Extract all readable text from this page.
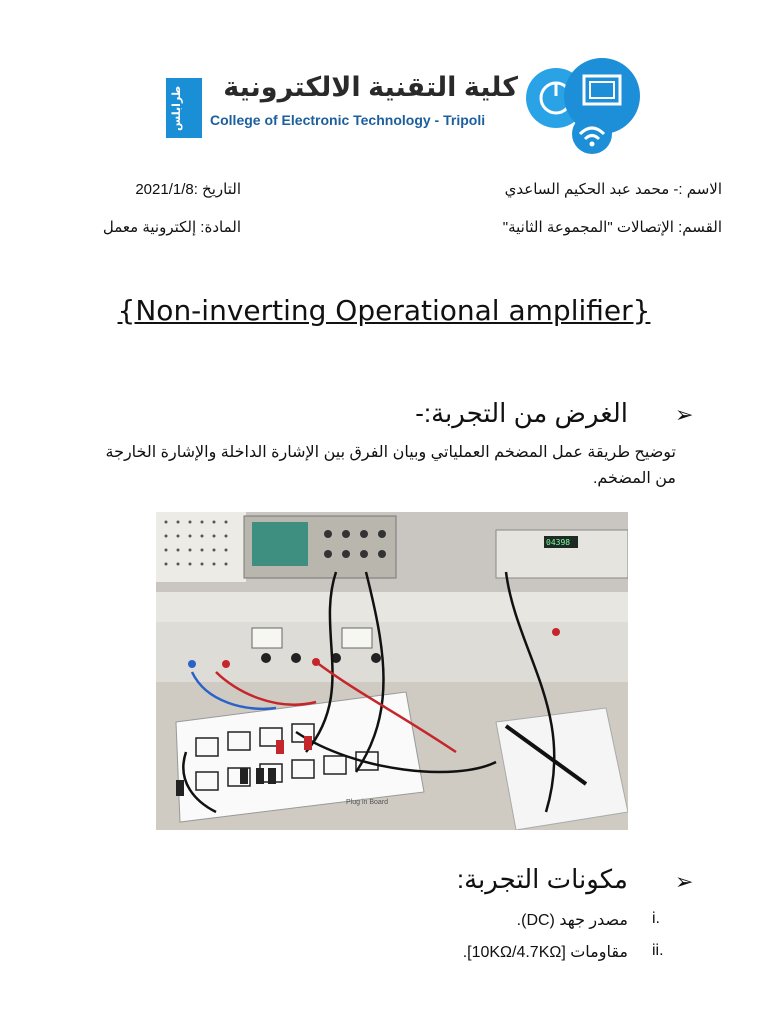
طرابلس	كلية التقنية الالكترونية
College of Electronic Technology - Tripoli
الاسم :- محمد عبد الحكيم الساعدي
التاريخ :2021/1/8
القسم: الإتصالات "المجموعة الثانية"
المادة: إلكترونية معمل
{Non-inverting Operational amplifier}
➢
الغرض من التجربة:-
توضيح طريقة عمل المضخم العملياتي وبيان الفرق بين الإشارة الداخلة والإشارة الخارجة من المضخم.
04398
Plug in Board
➢
مكونات التجربة:
i.
مصدر جهد (DC).
ii.
مقاومات [10KΩ/4.7KΩ].
